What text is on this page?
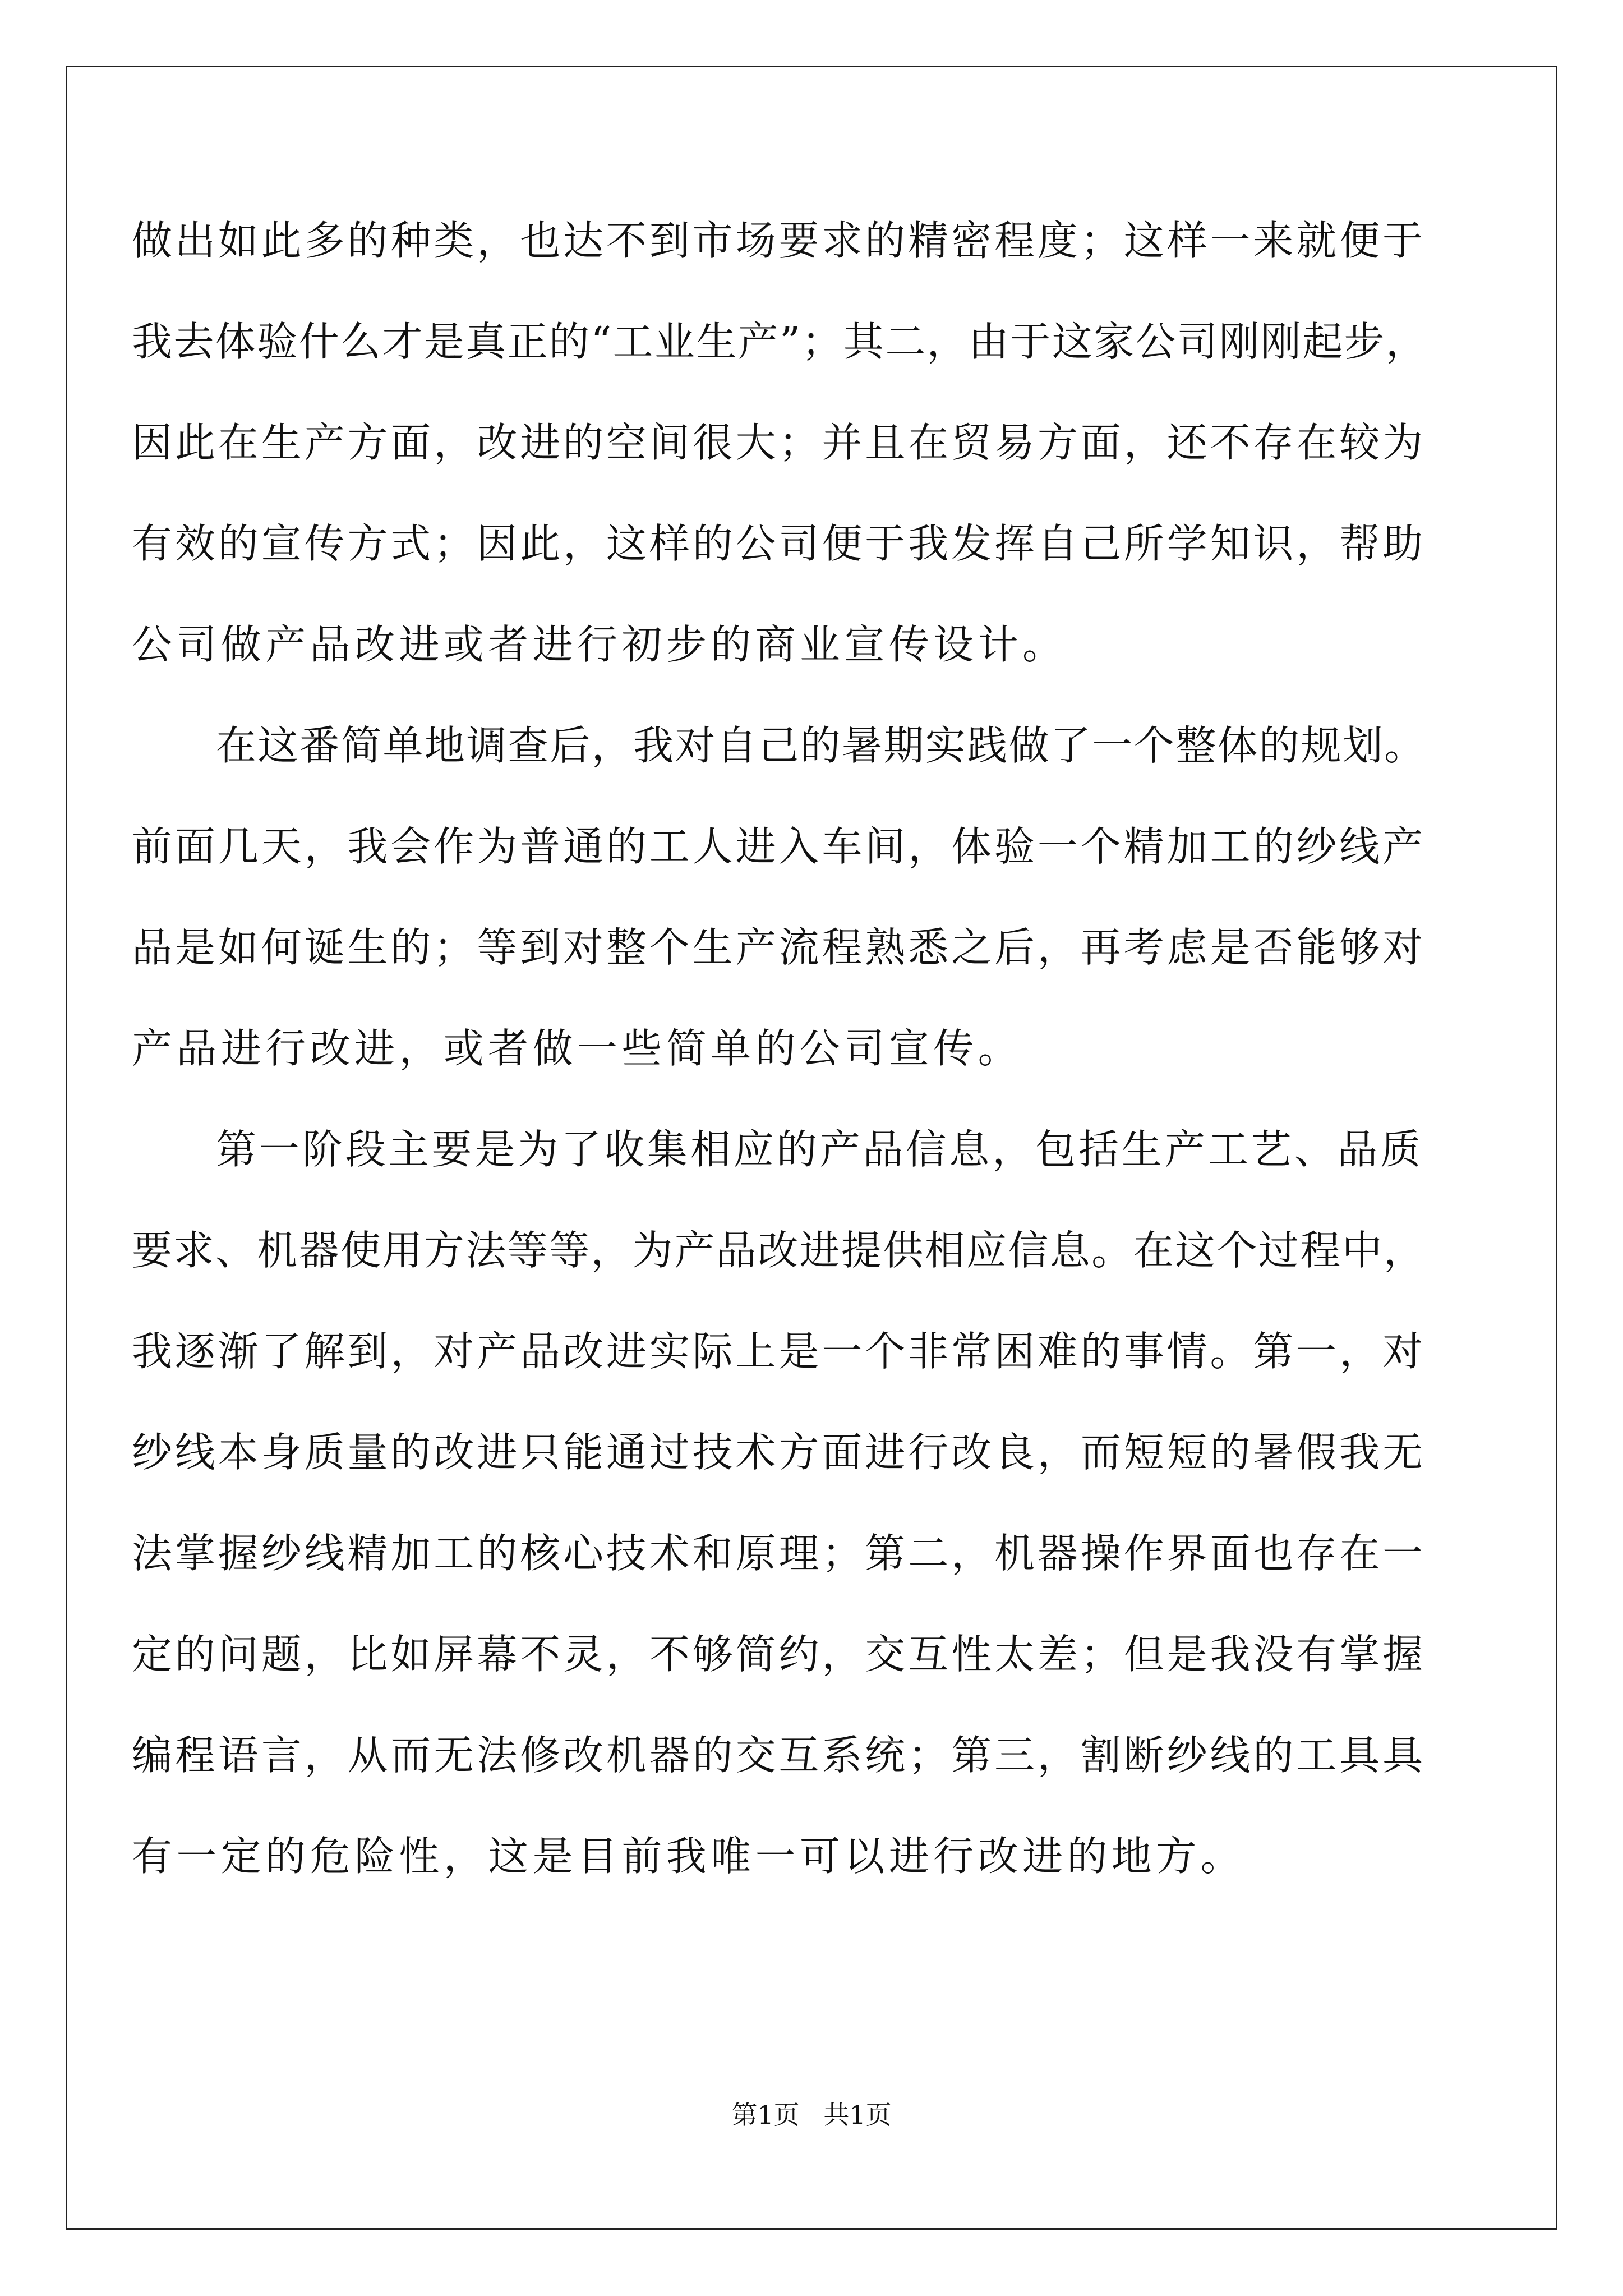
做出如此多的种类，也达不到市场要求的精密程度；这样一来就便于
我去体验什么才是真正的“工业生产”；其二，由于这家公司刚刚起步，
因此在生产方面，改进的空间很大；并且在贸易方面，还不存在较为
有效的宣传方式；因此，这样的公司便于我发挥自己所学知识，帮助
公司做产品改进或者进行初步的商业宣传设计。
在这番简单地调查后，我对自己的暑期实践做了一个整体的规划。
前面几天，我会作为普通的工人进入车间，体验一个精加工的纱线产
品是如何诞生的；等到对整个生产流程熟悉之后，再考虑是否能够对
产品进行改进，或者做一些简单的公司宣传。
第一阶段主要是为了收集相应的产品信息，包括生产工艺、品质
要求、机器使用方法等等，为产品改进提供相应信息。在这个过程中，
我逐渐了解到，对产品改进实际上是一个非常困难的事情。第一，对
纱线本身质量的改进只能通过技术方面进行改良，而短短的暑假我无
法掌握纱线精加工的核心技术和原理；第二，机器操作界面也存在一
定的问题，比如屏幕不灵，不够简约，交互性太差；但是我没有掌握
编程语言，从而无法修改机器的交互系统；第三，割断纱线的工具具
有一定的危险性，这是目前我唯一可以进行改进的地方。
第1页 共1页
